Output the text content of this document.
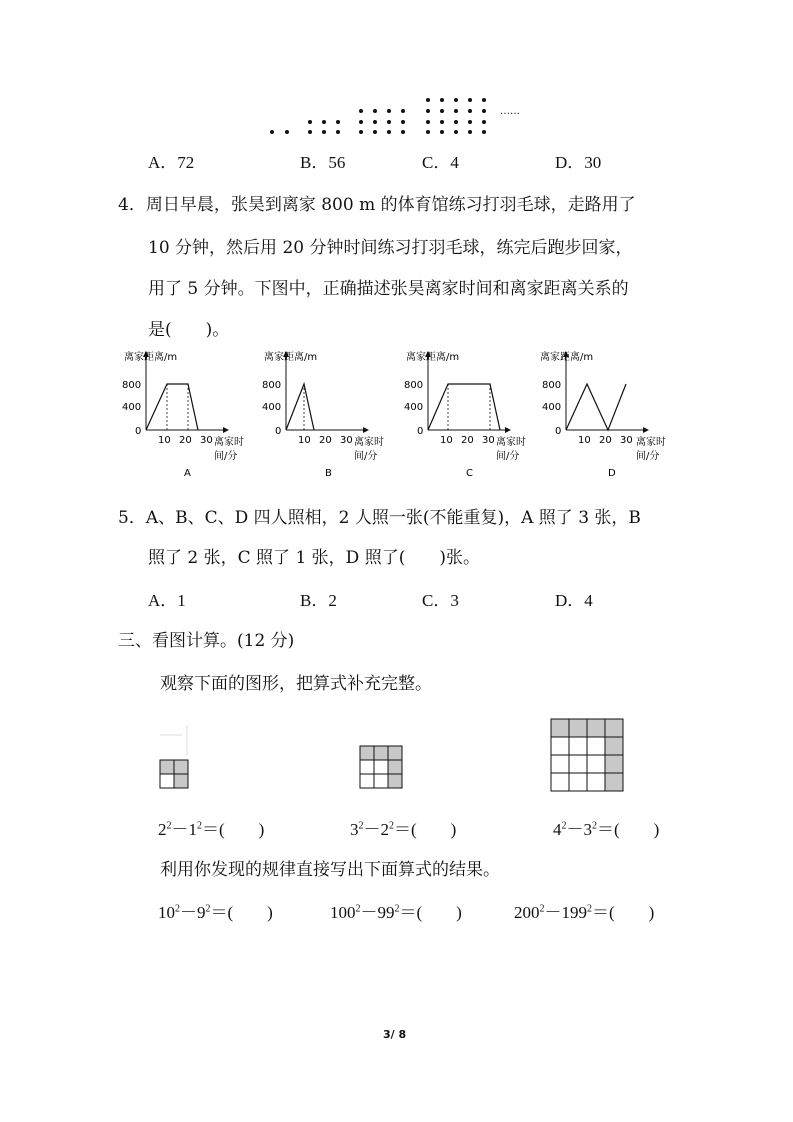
……
A．72	B．56	C．4	D．30
4．周日早晨，张昊到离家 800 m 的体育馆练习打羽毛球，走路用了
10 分钟，然后用 20 分钟时间练习打羽毛球，练完后跑步回家，
用了 5 分钟。下图中，正确描述张昊离家时间和离家距离关系的
是(　　)。
离家距离/m
800
400
0
10 20 30 离家时
间/分
A
离家距离/m
800
400
0
10 20 30 离家时
间/分
B
离家距离/m
800
400
0
10 20 30 离家时
间/分
C
离家距离/m
800
400
0
10 20 30 离家时
间/分
D
5．A、B、C、D 四人照相，2 人照一张(不能重复)，A 照了 3 张，B
照了 2 张，C 照了 1 张，D 照了(　　)张。
A．1	B．2	C．3	D．4
三、看图计算。(12 分)
观察下面的图形，把算式补充完整。
$2^2-1^2=$(　　)	$3^2-2^2=$(　　)	$4^2-3^2=$(　　)
利用你发现的规律直接写出下面算式的结果。
$10^2-9^2=$(　　)	$100^2-99^2=$(　　)	$200^2-199^2=$(　　)
3/ 8
